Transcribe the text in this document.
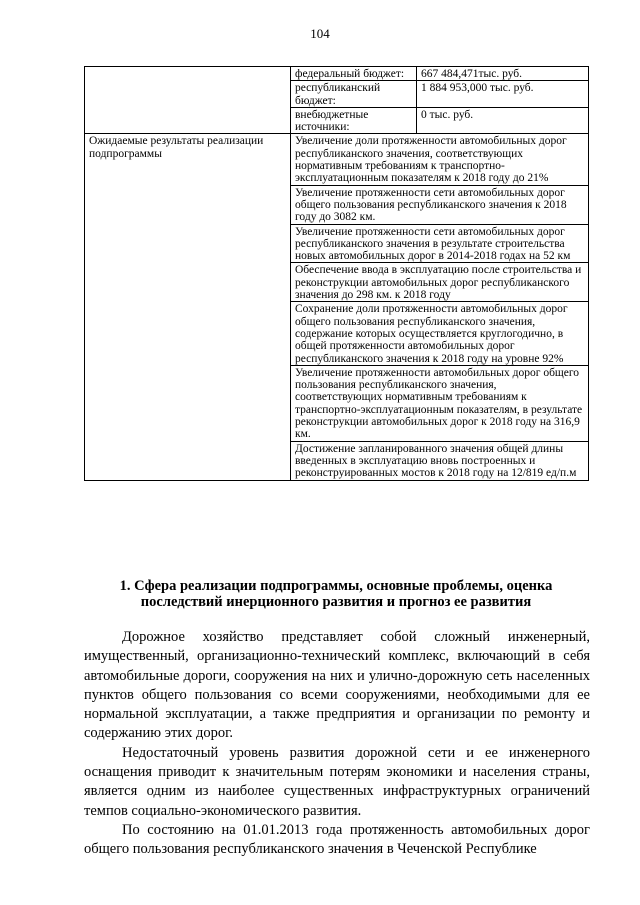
104
	федеральный бюджет:	667 484,471тыс. руб.
	республиканский бюджет:	1 884 953,000 тыс. руб.
	внебюджетные источники:	0 тыс. руб.
Ожидаемые результаты реализации подпрограммы	Увеличение доли протяженности автомобильных дорог республиканского значения, соответствующих нормативным требованиям к транспортно-эксплуатационным показателям к 2018 году до 21%	
	Увеличение протяженности сети автомобильных дорог общего пользования республиканского значения к 2018 году до 3082 км.	
	Увеличение протяженности сети автомобильных дорог республиканского значения в результате строительства новых автомобильных дорог в 2014-2018 годах на 52 км	
	Обеспечение ввода в эксплуатацию после строительства и реконструкции автомобильных дорог республиканского значения до 298 км. к 2018 году	
	Сохранение доли протяженности автомобильных дорог общего пользования республиканского значения, содержание которых осуществляется круглогодично, в общей протяженности автомобильных дорог республиканского значения к 2018 году на уровне 92%	
	Увеличение протяженности автомобильных дорог общего пользования республиканского значения, соответствующих нормативным требованиям к транспортно-эксплуатационным показателям, в результате реконструкции автомобильных дорог к 2018 году на 316,9 км.	
	Достижение запланированного значения общей длины введенных в эксплуатацию вновь построенных и реконструированных мостов к 2018 году на 12/819 ед/п.м	
1. Сфера реализации подпрограммы, основные проблемы, оценка последствий инерционного развития и прогноз ее развития

Дорожное хозяйство представляет собой сложный инженерный, имущественный, организационно-технический комплекс, включающий в себя автомобильные дороги, сооружения на них и улично-дорожную сеть населенных пунктов общего пользования со всеми сооружениями, необходимыми для ее нормальной эксплуатации, а также предприятия и организации по ремонту и содержанию этих дорог.

Недостаточный уровень развития дорожной сети и ее инженерного оснащения приводит к значительным потерям экономики и населения страны, является одним из наиболее существенных инфраструктурных ограничений темпов социально-экономического развития.

По состоянию на 01.01.2013 года протяженность автомобильных дорог общего пользования республиканского значения в Чеченской Республике
